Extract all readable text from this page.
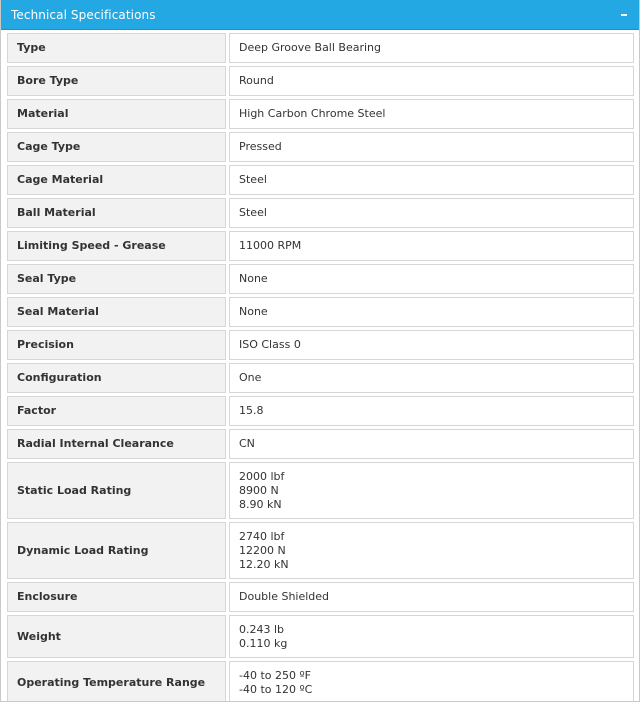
Technical Specifications
Type	Deep Groove Ball Bearing

Bore Type	Round

Material	High Carbon Chrome Steel

Cage Type	Pressed

Cage Material	Steel

Ball Material	Steel

Limiting Speed - Grease	11000 RPM

Seal Type	None

Seal Material	None

Precision	ISO Class 0

Configuration	One

Factor	15.8

Radial Internal Clearance	CN

Static Load Rating	2000 lbf
8900 N
8.90 kN

Dynamic Load Rating	2740 lbf
12200 N
12.20 kN

Enclosure	Double Shielded

Weight	0.243 lb
0.110 kg

Operating Temperature Range	-40 to 250 ºF
-40 to 120 ºC
